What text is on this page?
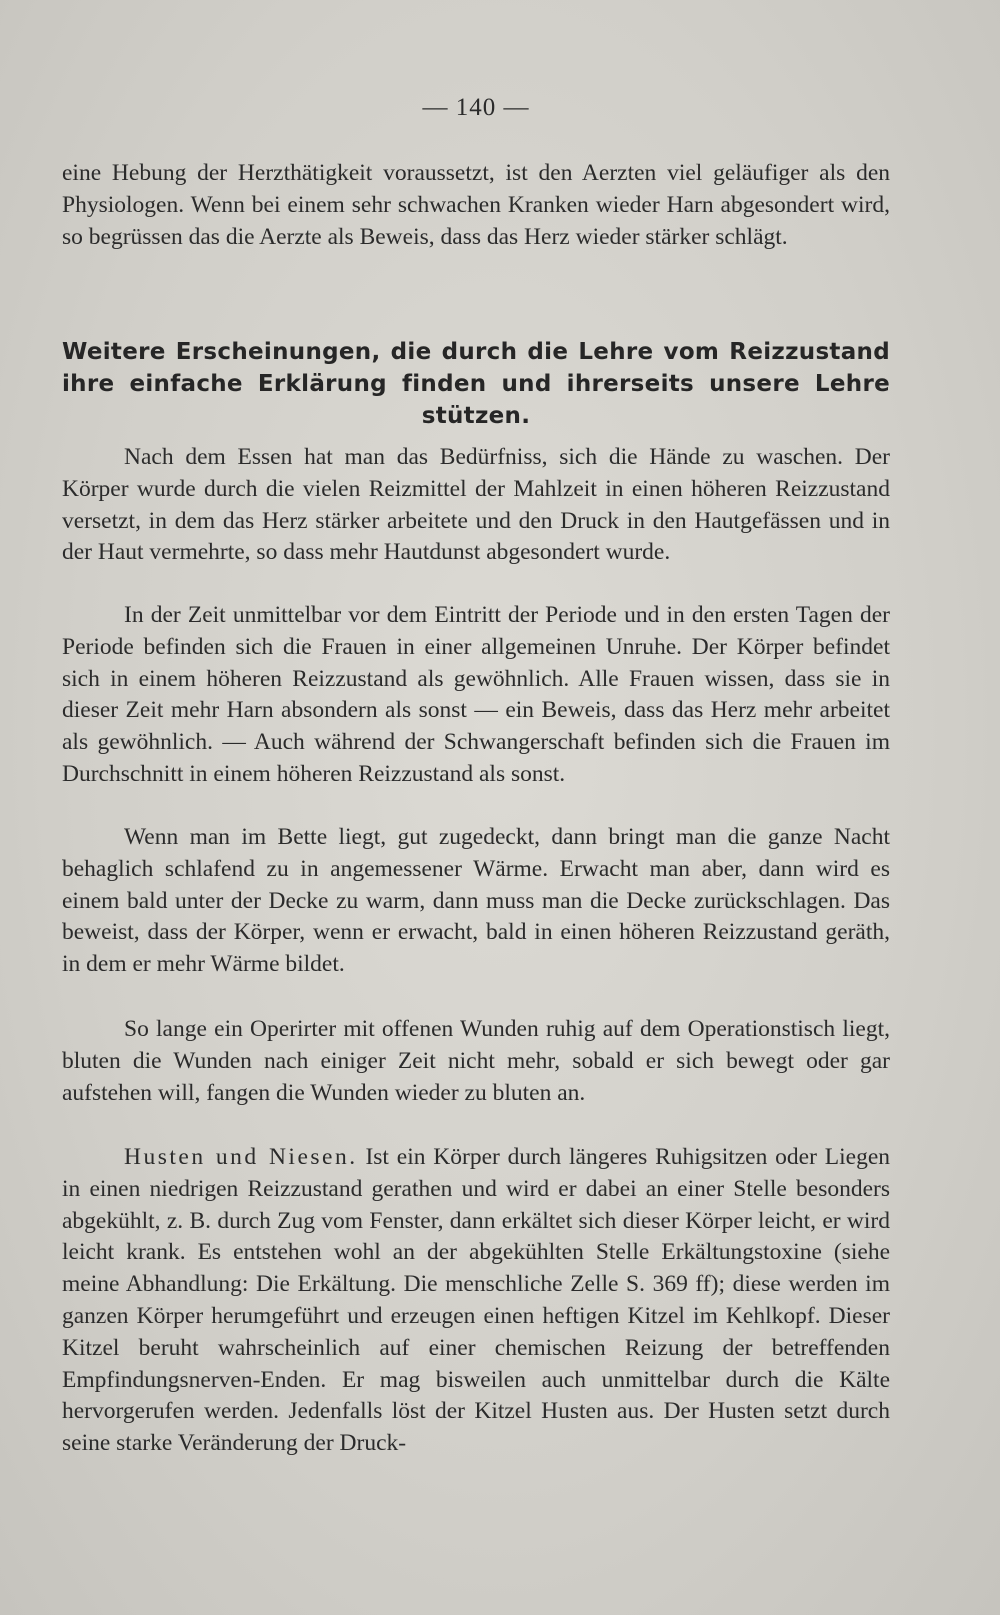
— 140 —

eine Hebung der Herzthätigkeit voraussetzt, ist den Aerzten viel geläufiger als den Physiologen. Wenn bei einem sehr schwachen Kranken wieder Harn abgesondert wird, so begrüssen das die Aerzte als Beweis, dass das Herz wieder stärker schlägt.

Weitere Erscheinungen, die durch die Lehre vom Reizzustand ihre einfache Erklärung finden und ihrerseits unsere Lehre stützen.

Nach dem Essen hat man das Bedürfniss, sich die Hände zu waschen. Der Körper wurde durch die vielen Reizmittel der Mahlzeit in einen höheren Reizzustand versetzt, in dem das Herz stärker arbeitete und den Druck in den Hautgefässen und in der Haut vermehrte, so dass mehr Hautdunst abgesondert wurde.

In der Zeit unmittelbar vor dem Eintritt der Periode und in den ersten Tagen der Periode befinden sich die Frauen in einer allgemeinen Unruhe. Der Körper befindet sich in einem höheren Reizzustand als gewöhnlich. Alle Frauen wissen, dass sie in dieser Zeit mehr Harn absondern als sonst — ein Beweis, dass das Herz mehr arbeitet als gewöhnlich. — Auch während der Schwangerschaft befinden sich die Frauen im Durchschnitt in einem höheren Reizzustand als sonst.

Wenn man im Bette liegt, gut zugedeckt, dann bringt man die ganze Nacht behaglich schlafend zu in angemessener Wärme. Erwacht man aber, dann wird es einem bald unter der Decke zu warm, dann muss man die Decke zurückschlagen. Das beweist, dass der Körper, wenn er erwacht, bald in einen höheren Reizzustand geräth, in dem er mehr Wärme bildet.

So lange ein Operirter mit offenen Wunden ruhig auf dem Operationstisch liegt, bluten die Wunden nach einiger Zeit nicht mehr, sobald er sich bewegt oder gar aufstehen will, fangen die Wunden wieder zu bluten an.

Husten und Niesen. Ist ein Körper durch längeres Ruhigsitzen oder Liegen in einen niedrigen Reizzustand gerathen und wird er dabei an einer Stelle besonders abgekühlt, z. B. durch Zug vom Fenster, dann erkältet sich dieser Körper leicht, er wird leicht krank. Es entstehen wohl an der abgekühlten Stelle Erkältungstoxine (siehe meine Abhandlung: Die Erkältung. Die menschliche Zelle S. 369 ff); diese werden im ganzen Körper herumgeführt und erzeugen einen heftigen Kitzel im Kehlkopf. Dieser Kitzel beruht wahrscheinlich auf einer chemischen Reizung der betreffenden Empfindungsnerven-Enden. Er mag bisweilen auch unmittelbar durch die Kälte hervorgerufen werden. Jedenfalls löst der Kitzel Husten aus. Der Husten setzt durch seine starke Veränderung der Druck-
